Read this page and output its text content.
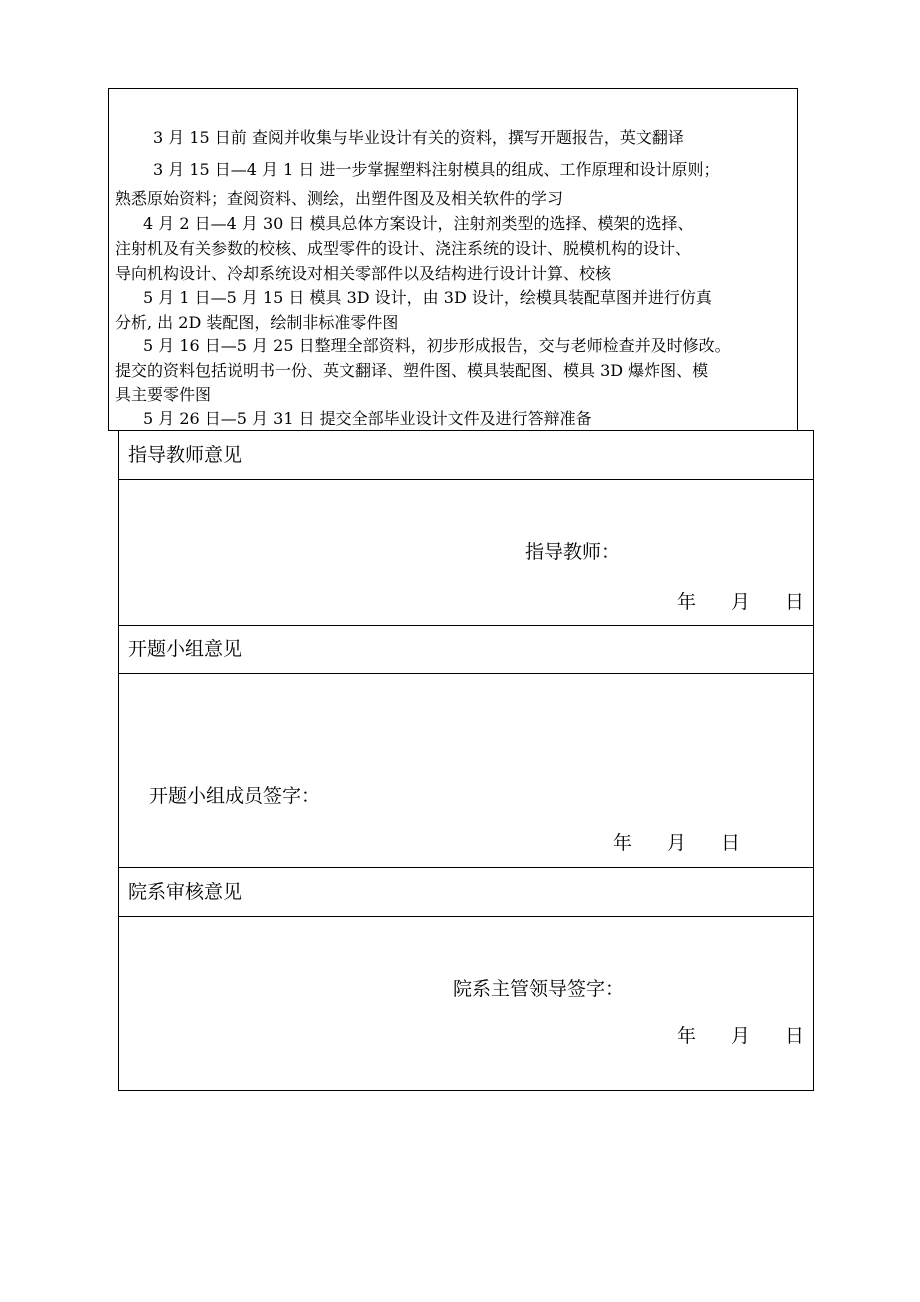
3 月 15 日前 查阅并收集与毕业设计有关的资料，撰写开题报告，英文翻译
3 月 15 日—4 月 1 日 进一步掌握塑料注射模具的组成、工作原理和设计原则；
熟悉原始资料；查阅资料、测绘，出塑件图及及相关软件的学习
4 月 2 日—4 月 30 日 模具总体方案设计，注射剂类型的选择、模架的选择、
注射机及有关参数的校核、成型零件的设计、浇注系统的设计、脱模机构的设计、
导向机构设计、冷却系统设对相关零部件以及结构进行设计计算、校核
5 月 1 日—5 月 15 日 模具 3D 设计，由 3D 设计，绘模具装配草图并进行仿真
分析, 出 2D 装配图，绘制非标准零件图
5 月 16 日—5 月 25 日整理全部资料，初步形成报告，交与老师检查并及时修改。
提交的资料包括说明书一份、英文翻译、塑件图、模具装配图、模具 3D 爆炸图、模
具主要零件图
5 月 26 日—5 月 31 日 提交全部毕业设计文件及进行答辩准备
指导教师意见
指导教师：
年 月 日
开题小组意见
开题小组成员签字：
年 月 日
院系审核意见
院系主管领导签字：
年 月 日
